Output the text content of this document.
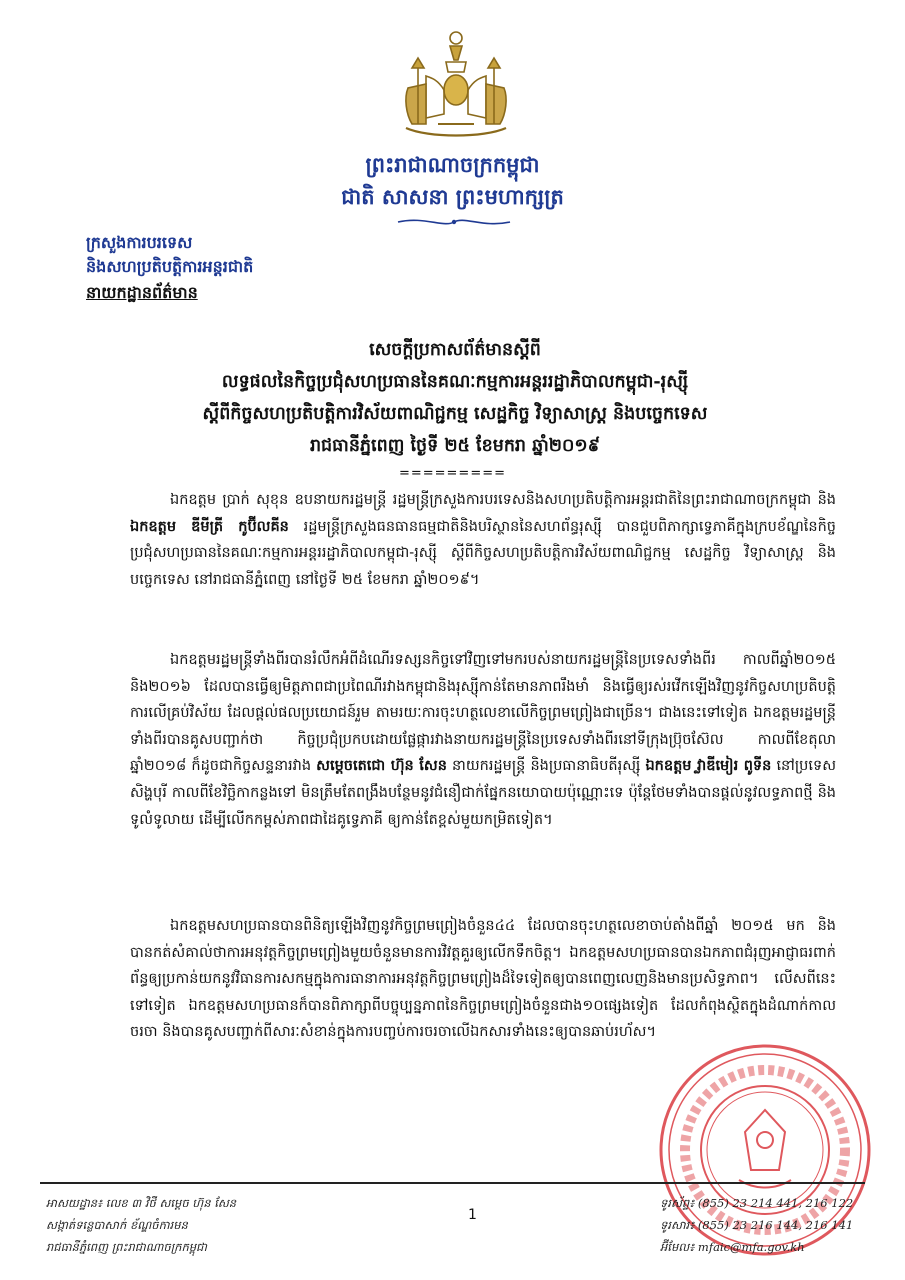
ព្រះរាជាណាចក្រកម្ពុជា
ជាតិ សាសនា ព្រះមហាក្សត្រ
ក្រសួងការបរទេស
និងសហប្រតិបត្តិការអន្តរជាតិ
នាយកដ្ឋានព័ត៌មាន
សេចក្តីប្រកាសព័ត៌មានស្តីពី
លទ្ធផលនៃកិច្ចប្រជុំសហប្រធាននៃគណៈកម្មការអន្តររដ្ឋាភិបាលកម្ពុជា-រុស្ស៊ី
ស្តីពីកិច្ចសហប្រតិបត្តិការវិស័យពាណិជ្ជកម្ម សេដ្ឋកិច្ច វិទ្យាសាស្ត្រ និងបច្ចេកទេស
រាជធានីភ្នំពេញ ថ្ងៃទី ២៥ ខែមករា ឆ្នាំ២០១៩
=========
ឯកឧត្តម ប្រាក់ សុខុន ឧបនាយករដ្ឋមន្ត្រី រដ្ឋមន្ត្រីក្រសួងការបរទេសនិងសហប្រតិបត្តិការអន្តរជាតិនៃព្រះរាជាណាចក្រកម្ពុជា និង ឯកឧត្តម ឌីមីត្រី កូប៊ីលគីន រដ្ឋមន្ត្រីក្រសួងធនធានធម្មជាតិនិងបរិស្ថាននៃសហព័ន្ធរុស្ស៊ី បានជួបពិភាក្សាទ្វេភាគីក្នុងក្របខ័ណ្ឌនៃកិច្ចប្រជុំសហប្រធាននៃគណៈកម្មការអន្តររដ្ឋាភិបាលកម្ពុជា-រុស្ស៊ី ស្តីពីកិច្ចសហប្រតិបត្តិការវិស័យពាណិជ្ជកម្ម សេដ្ឋកិច្ច វិទ្យាសាស្ត្រ និងបច្ចេកទេស នៅរាជធានីភ្នំពេញ នៅថ្ងៃទី ២៥ ខែមករា ឆ្នាំ២០១៩។
ឯកឧត្តមរដ្ឋមន្ត្រីទាំងពីរបានរំលឹកអំពីដំណើរទស្សនកិច្ចទៅវិញទៅមករបស់នាយករដ្ឋមន្ត្រីនៃប្រទេសទាំងពីរ កាលពីឆ្នាំ២០១៥ និង២០១៦ ដែលបានធ្វើឲ្យមិត្តភាពជាប្រពៃណីរវាងកម្ពុជានិងរុស្ស៊ីកាន់តែមានភាពរឹងមាំ និងធ្វើឲ្យរស់រវើកឡើងវិញនូវកិច្ចសហប្រតិបត្តិការលើគ្រប់វិស័យ ដែលផ្តល់ផលប្រយោជន៍រួម តាមរយៈការចុះហត្ថលេខាលើកិច្ចព្រមព្រៀងជាច្រើន។ ជាងនេះទៅទៀត ឯកឧត្តមរដ្ឋមន្ត្រីទាំងពីរបានគូសបញ្ជាក់ថា កិច្ចប្រជុំប្រកបដោយផ្លែផ្ការវាងនាយករដ្ឋមន្ត្រីនៃប្រទេសទាំងពីរនៅទីក្រុងប្រ៊ុចស៊ែល កាលពីខែតុលា ឆ្នាំ២០១៨ ក៏ដូចជាកិច្ចសន្ទនារវាង សម្តេចតេជោ ហ៊ុន សែន នាយករដ្ឋមន្ត្រី និងប្រធានាធិបតីរុស្ស៊ី ឯកឧត្តម វ្លាឌីមៀរ ពូទីន នៅប្រទេសសិង្ហបុរី កាលពីខែវិច្ឆិកាកន្លងទៅ មិនត្រឹមតែពង្រឹងបន្ថែមនូវជំនឿជាក់ផ្នែកនយោបាយប៉ុណ្ណោះទេ ប៉ុន្តែថែមទាំងបានផ្តល់នូវលទ្ធភាពថ្មី និងទូលំទូលាយ ដើម្បីលើកកម្ពស់ភាពជាដៃគូទ្វេភាគី ឲ្យកាន់តែខ្ពស់មួយកម្រិតទៀត។
ឯកឧត្តមសហប្រធានបានពិនិត្យឡើងវិញនូវកិច្ចព្រមព្រៀងចំនួន៤៤ ដែលបានចុះហត្ថលេខាចាប់តាំងពីឆ្នាំ ២០១៥ មក និងបានកត់សំគាល់ថាការអនុវត្តកិច្ចព្រមព្រៀងមួយចំនួនមានការវិវត្តគួរឲ្យលើកទឹកចិត្ត។ ឯកឧត្តមសហប្រធានបានឯកភាពជំរុញអាជ្ញាធរពាក់ព័ន្ធឲ្យប្រកាន់យកនូវវិធានការសកម្មក្នុងការធានាការអនុវត្តកិច្ចព្រមព្រៀងដ៏ទៃទៀតឲ្យបានពេញលេញនិងមានប្រសិទ្ធភាព។ លើសពីនេះទៅទៀត ឯកឧត្តមសហប្រធានក៏បានពិភាក្សាពីបច្ចុប្បន្នភាពនៃកិច្ចព្រមព្រៀងចំនួនជាង១០ផ្សេងទៀត ដែលកំពុងស្ថិតក្នុងដំណាក់កាលចរចា និងបានគូសបញ្ជាក់ពីសារៈសំខាន់ក្នុងការបញ្ចប់ការចរចាលើឯកសារទាំងនេះឲ្យបានឆាប់រហ័ស។
អាសយដ្ឋាន៖ លេខ ៣ វិថី សម្តេច ហ៊ុន សែន
សង្កាត់ទន្លេបាសាក់ ខ័ណ្ឌចំការមន
រាជធានីភ្នំពេញ ព្រះរាជាណាចក្រកម្ពុជា
1
ទូរស័ព្ទ៖ (855) 23 214 441, 216 122
ទូរសារ៖ (855) 23 216 144, 216 141
អ៊ីមែល៖ mfaic@mfa.gov.kh
